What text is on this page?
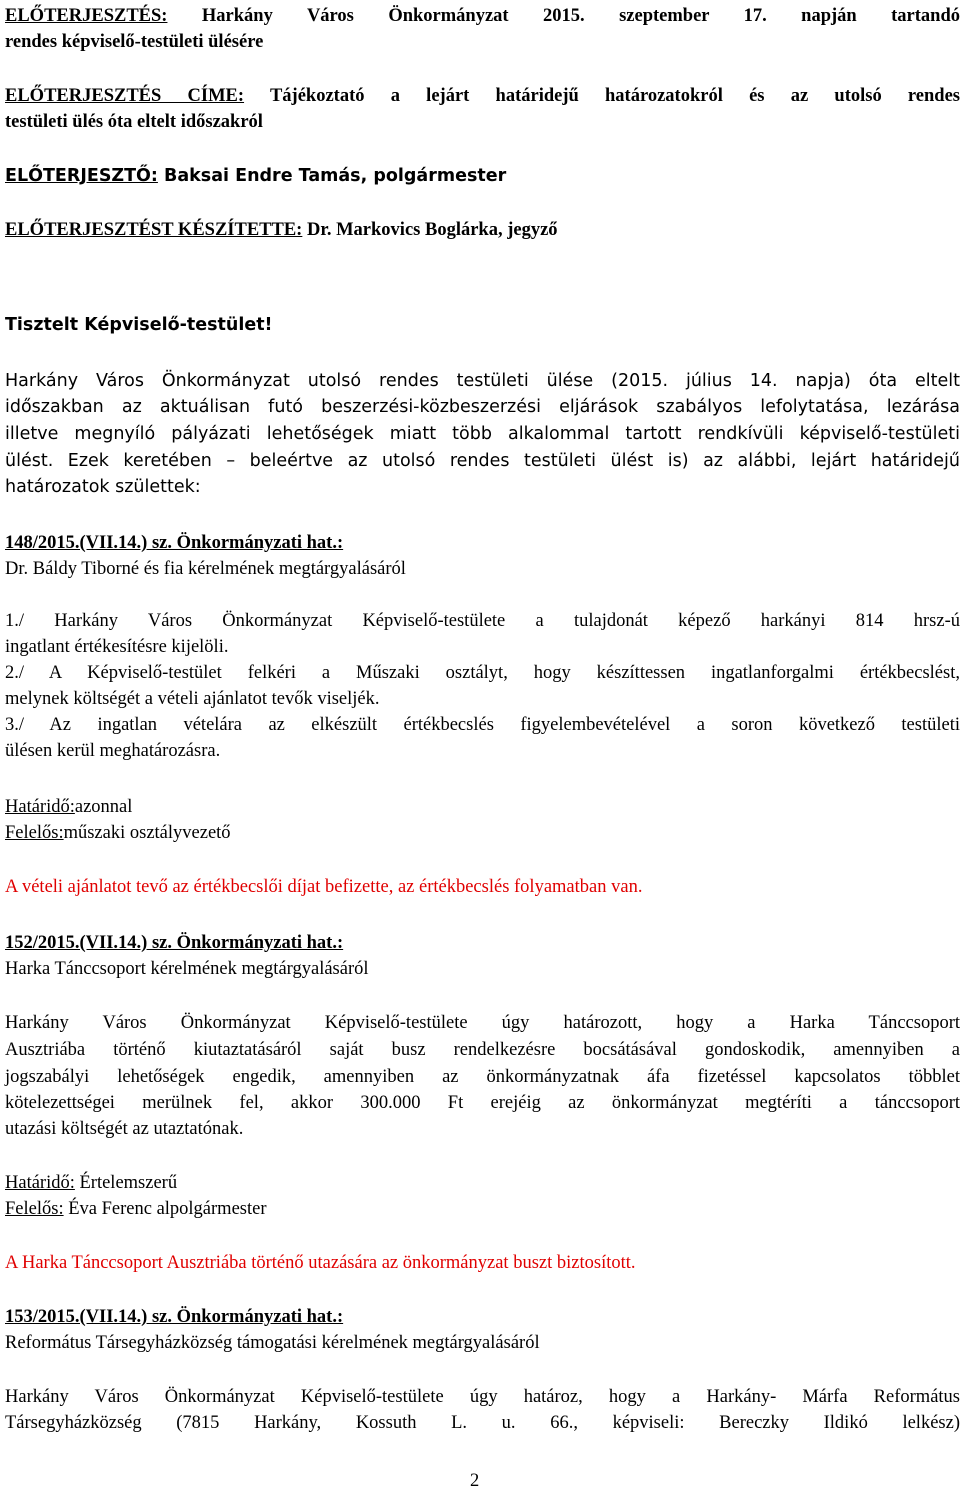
ELŐTERJESZTÉS: Harkány Város Önkormányzat 2015. szeptember 17. napján tartandó
rendes képviselő-testületi ülésére
ELŐTERJESZTÉS CÍME: Tájékoztató a lejárt határidejű határozatokról és az utolsó rendes
testületi ülés óta eltelt időszakról
ELŐTERJESZTŐ: Baksai Endre Tamás, polgármester
ELŐTERJESZTÉST KÉSZÍTETTE: Dr. Markovics Boglárka, jegyző
Tisztelt Képviselő-testület!
Harkány Város Önkormányzat utolsó rendes testületi ülése (2015. július 14. napja) óta eltelt
időszakban az aktuálisan futó beszerzési-közbeszerzési eljárások szabályos lefolytatása, lezárása
illetve megnyíló pályázati lehetőségek miatt több alkalommal tartott rendkívüli képviselő-testületi
ülést. Ezek keretében – beleértve az utolsó rendes testületi ülést is) az alábbi, lejárt határidejű
határozatok születtek:
148/2015.(VII.14.) sz. Önkormányzati hat.:
Dr. Báldy Tiborné és fia kérelmének megtárgyalásáról
1./ Harkány Város Önkormányzat Képviselő-testülete a tulajdonát képező harkányi 814 hrsz-ú
ingatlant értékesítésre kijelöli.
2./ A Képviselő-testület felkéri a Műszaki osztályt, hogy készíttessen ingatlanforgalmi értékbecslést,
melynek költségét a vételi ajánlatot tevők viseljék.
3./ Az ingatlan vételára az elkészült értékbecslés figyelembevételével a soron következő testületi
ülésen kerül meghatározásra.
Határidő:azonnal
Felelős:műszaki osztályvezető
A vételi ajánlatot tevő az értékbecslői díjat befizette, az értékbecslés folyamatban van.
152/2015.(VII.14.) sz. Önkormányzati hat.:
Harka Tánccsoport kérelmének megtárgyalásáról
Harkány Város Önkormányzat Képviselő-testülete úgy határozott, hogy a Harka Tánccsoport
Ausztriába történő kiutaztatásáról saját busz rendelkezésre bocsátásával gondoskodik, amennyiben a
jogszabályi lehetőségek engedik, amennyiben az önkormányzatnak áfa fizetéssel kapcsolatos többlet
kötelezettségei merülnek fel, akkor 300.000 Ft erejéig az önkormányzat megtéríti a tánccsoport
utazási költségét az utaztatónak.
Határidő: Értelemszerű
Felelős: Éva Ferenc alpolgármester
A Harka Tánccsoport Ausztriába történő utazására az önkormányzat buszt biztosított.
153/2015.(VII.14.) sz. Önkormányzati hat.:
Református Társegyházközség támogatási kérelmének megtárgyalásáról
Harkány Város Önkormányzat Képviselő-testülete úgy határoz, hogy a Harkány- Márfa Református
Társegyházközség (7815 Harkány, Kossuth L. u. 66., képviseli: Bereczky Ildikó lelkész)
2
